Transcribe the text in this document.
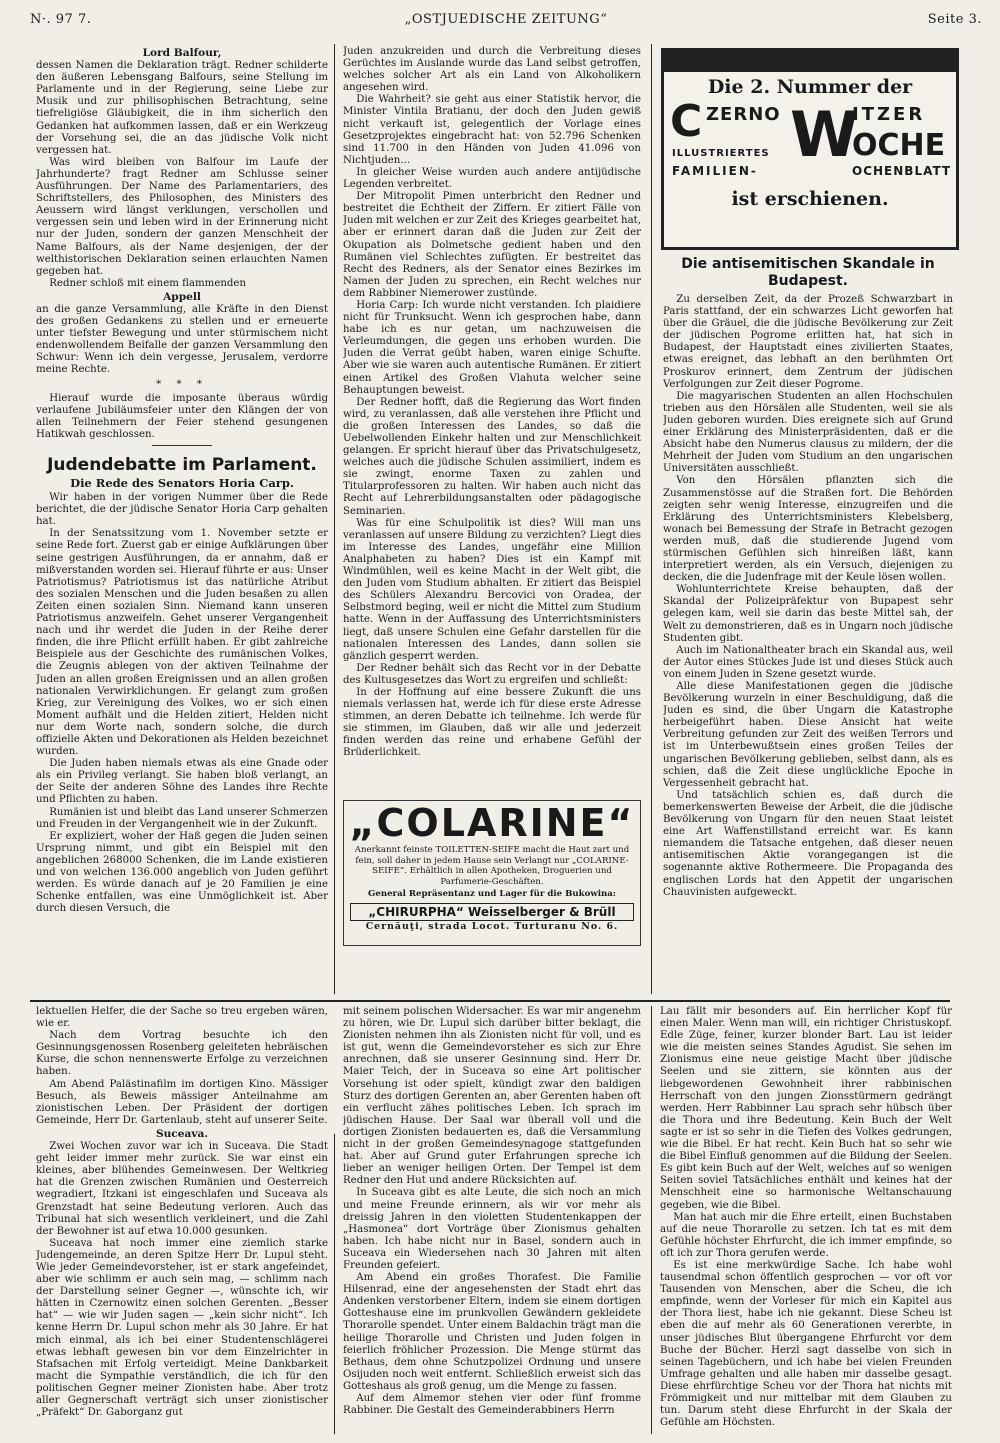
N·. 97 7.	„OSTJUEDISCHE ZEITUNG“	Seite 3.
Lord Balfour,

dessen Namen die Deklaration trägt. Redner schilderte den äußeren Lebensgang Balfours, seine Stellung im Parlamente und in der Regierung, seine Liebe zur Musik und zur philisophischen Betrachtung, seine tiefreligiöse Gläubigkeit, die in ihm sicherlich den Gedanken hat aufkommen lassen, daß er ein Werkzeug der Vorsehung sei, die an das jüdische Volk nicht vergessen hat.

Was wird bleiben von Balfour im Laufe der Jahrhunderte? fragt Redner am Schlusse seiner Ausführungen. Der Name des Parlamentariers, des Schriftstellers, des Philosophen, des Ministers des Aeussern wird längst verklungen, verschollen und vergessen sein und leben wird in der Erinnerung nicht nur der Juden, sondern der ganzen Menschheit der Name Balfours, als der Name desjenigen, der der welthistorischen Deklaration seinen erlauchten Namen gegeben hat.

Redner schloß mit einem flammenden

Appell

an die ganze Versammlung, alle Kräfte in den Dienst des großen Gedankens zu stellen und er erneuerte unter tiefster Bewegung und unter stürmischem nicht endenwollendem Beifalle der ganzen Versammlung den Schwur: Wenn ich dein vergesse, Jerusalem, verdorre meine Rechte.

* * *

Hierauf wurde die imposante überaus würdig verlaufene Jubiläumsfeier unter den Klängen der von allen Teilnehmern der Feier stehend gesungenen Hatikwah geschlossen.

Judendebatte im Parlament.
Die Rede des Senators Horia Carp.

Wir haben in der vorigen Nummer über die Rede berichtet, die der jüdische Senator Horia Carp gehalten hat.

In der Senatssitzung vom 1. November setzte er seine Rede fort. Zuerst gab er einige Aufklärungen über seine gestrigen Ausführungen, da er annahm, daß er mißverstanden worden sei. Hierauf führte er aus: Unser Patriotismus? Patriotismus ist das natürliche Atribut des sozialen Menschen und die Juden besaßen zu allen Zeiten einen sozialen Sinn. Niemand kann unseren Patriotismus anzweifeln. Gehet unserer Vergangenheit nach und ihr werdet die Juden in der Reihe derer finden, die ihre Pflicht erfüllt haben. Er gibt zahlreiche Beispiele aus der Geschichte des rumänischen Volkes, die Zeugnis ablegen von der aktiven Teilnahme der Juden an allen großen Ereignissen und an allen großen nationalen Verwirklichungen. Er gelangt zum großen Krieg, zur Vereinigung des Volkes, wo er sich einen Moment aufhält und die Helden zitiert, Helden nicht nur dem Worte nach, sondern solche, die durch offizielle Akten und Dekorationen als Helden bezeichnet wurden.

Die Juden haben niemals etwas als eine Gnade oder als ein Privileg verlangt. Sie haben bloß verlangt, an der Seite der anderen Söhne des Landes ihre Rechte und Pflichten zu haben.

Rumänien ist und bleibt das Land unserer Schmerzen und Freuden in der Vergangenheit wie in der Zukunft.

Er expliziert, woher der Haß gegen die Juden seinen Ursprung nimmt, und gibt ein Beispiel mit den angeblichen 268000 Schenken, die im Lande existieren und von welchen 136.000 angeblich von Juden geführt werden. Es würde danach auf je 20 Familien je eine Schenke entfallen, was eine Unmöglichkeit ist. Aber durch diesen Versuch, die

Juden anzukreiden und durch die Verbreitung dieses Gerüchtes im Auslande wurde das Land selbst getroffen, welches solcher Art als ein Land von Alkoholikern angesehen wird.

Die Wahrheit? sie geht aus einer Statistik hervor, die Minister Vintila Bratianu, der doch den Juden gewiß nicht verkauft ist, gelegentlich der Vorlage eines Gesetzprojektes eingebracht hat: von 52.796 Schenken sind 11.700 in den Händen von Juden 41.096 von Nichtjuden...

In gleicher Weise wurden auch andere antijüdische Legenden verbreitet.

Der Mitropolit Pimen unterbricht den Redner und bestreitet die Echtheit der Ziffern. Er zitiert Fälle von Juden mit welchen er zur Zeit des Krieges gearbeitet hat, aber er erinnert daran daß die Juden zur Zeit der Okupation als Dolmetsche gedient haben und den Rumänen viel Schlechtes zufügten. Er bestreitet das Recht des Redners, als der Senator eines Bezirkes im Namen der Juden zu sprechen, ein Recht welches nur dem Rabbiner Niemerower zustünde.

Horia Carp: Ich wurde nicht verstanden. Ich plaidiere nicht für Trunksucht. Wenn ich gesprochen habe, dann habe ich es nur getan, um nachzuweisen die Verleumdungen, die gegen uns erhoben wurden. Die Juden die Verrat geübt haben, waren einige Schufte. Aber wie sie waren auch autentische Rumänen. Er zitiert einen Artikel des Großen Vlahuta welcher seine Behauptungen beweist.

Der Redner hofft, daß die Regierung das Wort finden wird, zu veranlassen, daß alle verstehen ihre Pflicht und die großen Interessen des Landes, so daß die Uebelwollenden Einkehr halten und zur Menschlichkeit gelangen. Er spricht hierauf über das Privatschulgesetz, welches auch die jüdische Schulen assimiliert, indem es sie zwingt, enorme Taxen zu zahlen und Titularprofessoren zu halten. Wir haben auch nicht das Recht auf Lehrerbildungsanstalten oder pädagogische Seminarien.

Was für eine Schulpolitik ist dies? Will man uns veranlassen auf unsere Bildung zu verzichten? Liegt dies im Interesse des Landes, ungefähr eine Million Analphabeten zu haben? Dies ist ein Kampf mit Windmühlen, weil es keine Macht in der Welt gibt, die den Juden vom Studium abhalten. Er zitiert das Beispiel des Schülers Alexandru Bercovici von Oradea, der Selbstmord beging, weil er nicht die Mittel zum Studium hatte. Wenn in der Auffassung des Unterrichtsministers liegt, daß unsere Schulen eine Gefahr darstellen für die nationalen Interessen des Landes, dann sollen sie gänzlich gesperrt werden.

Der Redner behält sich das Recht vor in der Debatte des Kultusgesetzes das Wort zu ergreifen und schließt:

In der Hoffnung auf eine bessere Zukunft die uns niemals verlassen hat, werde ich für diese erste Adresse stimmen, an deren Debatte ich teilnehme. Ich werde für sie stimmen, im Glauben, daß wir alle und jederzeit finden werden das reine und erhabene Gefühl der Brüderlichkeit.

„COLARINE“
Anerkannt feinste TOILETTEN-SEIFE macht die Haut zart und fein, soll daher in jedem Hause sein Verlangt nur „COLARINE-SEIFE“. Erhältlich in allen Apotheken, Droguerien und Parfumerie-Geschäften.
General Repräsentanz und Lager für die Bukowina:
„CHIRURPHA“ Weisselberger & Brüll
Cernăuţi, strada Locot. Turturanu No. 6.
Die 2. Nummer der
C ZERNO	ITZER
W
OCHE
ILLUSTRIERTES
FAMILIEN-	OCHENBLATT
ist erschienen.
Die antisemitischen Skandale in Budapest.

Zu derselben Zeit, da der Prozeß Schwarzbart in Paris stattfand, der ein schwarzes Licht geworfen hat über die Gräuel, die die jüdische Bevölkerung zur Zeit der jüdischen Pogrome erlitten hat, hat sich in Budapest, der Hauptstadt eines zivilierten Staates, etwas ereignet, das lebhaft an den berühmten Ort Proskurov erinnert, dem Zentrum der jüdischen Verfolgungen zur Zeit dieser Pogrome.

Die magyarischen Studenten an allen Hochschulen trieben aus den Hörsälen alle Studenten, weil sie als Juden geboren wurden. Dies ereignete sich auf Grund einer Erklärung des Ministerpräsidenten, daß er die Absicht habe den Numerus clausus zu mildern, der die Mehrheit der Juden vom Studium an den ungarischen Universitäten ausschließt.

Von den Hörsälen pflanzten sich die Zusammenstösse auf die Straßen fort. Die Behörden zeigten sehr wenig Interesse, einzugreifen und die Erklärung des Unterrichtsministers Klebelsberg, wonach bei Bemessung der Strafe in Betracht gezogen werden muß, daß die studierende Jugend vom stürmischen Gefühlen sich hinreißen läßt, kann interpretiert werden, als ein Versuch, diejenigen zu decken, die die Judenfrage mit der Keule lösen wollen.

Wohlunterrichtete Kreise behaupten, daß der Skandal der Polizeipräfektur von Bupapest sehr gelegen kam, weil sie darin das beste Mittel sah, der Welt zu demonstrieren, daß es in Ungarn noch jüdische Studenten gibt.

Auch im Nationaltheater brach ein Skandal aus, weil der Autor eines Stückes Jude ist und dieses Stück auch von einem Juden in Szene gesetzt wurde.

Alle diese Manifestationen gegen die jüdische Bevölkerung wurzeln in einer Beschuldigung, daß die Juden es sind, die über Ungarn die Katastrophe herbeigeführt haben. Diese Ansicht hat weite Verbreitung gefunden zur Zeit des weißen Terrors und ist im Unterbewußtsein eines großen Teiles der ungarischen Bevölkerung geblieben, selbst dann, als es schien, daß die Zeit diese unglückliche Epoche in Vergessenheit gebracht hat.

Und tatsächlich schien es, daß durch die bemerkenswerten Beweise der Arbeit, die die jüdische Bevölkerung von Ungarn für den neuen Staat leistet eine Art Waffenstillstand erreicht war. Es kann niemandem die Tatsache entgehen, daß dieser neuen antisemitischen Aktie vorangegangen ist die sogenannte aktive Rothermeere. Die Propaganda des englischen Lords hat den Appetit der ungarischen Chauvinisten aufgeweckt.

lektuellen Helfer, die der Sache so treu ergeben wären, wie er.

Nach dem Vortrag besuchte ich den Gesinnungsgenossen Rosenberg geleiteten hebräischen Kurse, die schon nennenswerte Erfolge zu verzeichnen haben.

Am Abend Palästinafilm im dortigen Kino. Mässiger Besuch, als Beweis mässiger Anteilnahme am zionistischen Leben. Der Präsident der dortigen Gemeinde, Herr Dr. Gartenlaub, steht auf unserer Seite.

Suceava.

Zwei Wochen zuvor war ich in Suceava. Die Stadt geht leider immer mehr zurück. Sie war einst ein kleines, aber blühendes Gemeinwesen. Der Weltkrieg hat die Grenzen zwischen Rumänien und Oesterreich wegradiert, Itzkani ist eingeschlafen und Suceava als Grenzstadt hat seine Bedeutung verloren. Auch das Tribunal hat sich wesentlich verkleinert, und die Zahl der Bewohner ist auf etwa 10.000 gesunken.

Suceava hat noch immer eine ziemlich starke Judengemeinde, an deren Spitze Herr Dr. Lupul steht. Wie jeder Gemeindevorsteher, ist er stark angefeindet, aber wie schlimm er auch sein mag, — schlimm nach der Darstellung seiner Gegner —, wünschte ich, wir hätten in Czernowitz einen solchen Gerenten. „Besser hat“ — wie wir Juden sagen — „kein sichr nicht“. Ich kenne Herrn Dr. Lupul schon mehr als 30 Jahre. Er hat mich einmal, als ich bei einer Studentenschlägerei etwas lebhaft gewesen bin vor dem Einzelrichter in Stafsachen mit Erfolg verteidigt. Meine Dankbarkeit macht die Sympathie verständlich, die ich für den politischen Gegner meiner Zionisten habe. Aber trotz aller Gegnerschaft verträgt sich unser zionistischer „Präfekt“ Dr. Gaborganz gut

mit seinem polischen Widersacher. Es war mir angenehm zu hören, wie Dr. Lupul sich darüber bitter beklagt, die Zionisten nehmen ihn als Zionisten nicht für voll, und es ist gut, wenn die Gemeindevorsteher es sich zur Ehre anrechnen, daß sie unserer Gesinnung sind. Herr Dr. Maier Teich, der in Suceava so eine Art politischer Vorsehung ist oder spielt, kündigt zwar den baldigen Sturz des dortigen Gerenten an, aber Gerenten haben oft ein verflucht zähes politisches Leben. Ich sprach im jüdischen Hause. Der Saal war überall voll und die dortigen Zionisten bedauerten es, daß die Versammlung nicht in der großen Gemeindesynagoge stattgefunden hat. Aber auf Grund guter Erfahrungen spreche ich lieber an weniger heiligen Orten. Der Tempel ist dem Redner den Hut und andere Rücksichten auf.

In Suceava gibt es alte Leute, die sich noch an mich und meine Freunde erinnern, als wir vor mehr als dreissig Jahren in den violetten Studentenkappen der „Hasmonea“ dort Vorträge über Zionismus gehalten haben. Ich habe nicht nur in Basel, sondern auch in Suceava ein Wiedersehen nach 30 Jahren mit alten Freunden gefeiert.

Am Abend ein großes Thorafest. Die Familie Hilsenrad, eine der angesehensten der Stadt ehrt das Andenken verstorbener Eltern, indem sie einem dortigen Gotteshause eine im prunkvollen Gewändern gekleidete Thorarolle spendet. Unter einem Baldachin trägt man die heilige Thorarolle und Christen und Juden folgen in feierlich fröhlicher Prozession. Die Menge stürmt das Bethaus, dem ohne Schutzpolizei Ordnung und unsere Osijuden noch weit entfernt. Schließlich erweist sich das Gotteshaus als groß genug, um die Menge zu fassen.

Auf dem Almemor stehen vier oder fünf fromme Rabbiner. Die Gestalt des Gemeinderabbiners Herrn

Lau fällt mir besonders auf. Ein herrlicher Kopf für einen Maler. Wenn man will, ein richtiger Christuskopf. Edle Züge, feiner, kurzer blonder Bart. Lau ist leider wie die meisten seines Standes Agudist. Sie sehen im Zionismus eine neue geistige Macht über jüdische Seelen und sie zittern, sie könnten aus der liebgewordenen Gewohnheit ihrer rabbinischen Herrschaft von den jungen Zionsstürmern gedrängt werden. Herr Rabbinner Lau sprach sehr hübsch über die Thora und ihre Bedeutung. Kein Buch der Welt sagte er ist so sehr in die Tiefen des Volkes gedrungen, wie die Bibel. Er hat recht. Kein Buch hat so sehr wie die Bibel Einfluß genommen auf die Bildung der Seelen. Es gibt kein Buch auf der Welt, welches auf so wenigen Seiten soviel Tatsächliches enthält und keines hat der Menschheit eine so harmonische Weltanschauung gegeben, wie die Bibel.

Man hat auch mir die Ehre erteilt, einen Buchstaben auf die neue Thorarolle zu setzen. Ich tat es mit dem Gefühle höchster Ehrfurcht, die ich immer empfinde, so oft ich zur Thora gerufen werde.

Es ist eine merkwürdige Sache. Ich habe wohl tausendmal schon öffentlich gesprochen — vor oft vor Tausenden von Menschen, aber die Scheu, die ich empfinde, wenn der Vorleser für mich ein Kapitel aus der Thora liest, habe ich nie gekannt. Diese Scheu ist eben die auf mehr als 60 Generationen vererbte, in unser jüdisches Blut übergangene Ehrfurcht vor dem Buche der Bücher. Herzl sagt dasselbe von sich in seinen Tagebüchern, und ich habe bei vielen Freunden Umfrage gehalten und alle haben mir dasselbe gesagt. Diese ehrfürchtige Scheu vor der Thora hat nichts mit Frömmigkeit und nur mittelbar mit dem Glauben zu tun. Darum steht diese Ehrfurcht in der Skala der Gefühle am Höchsten.
